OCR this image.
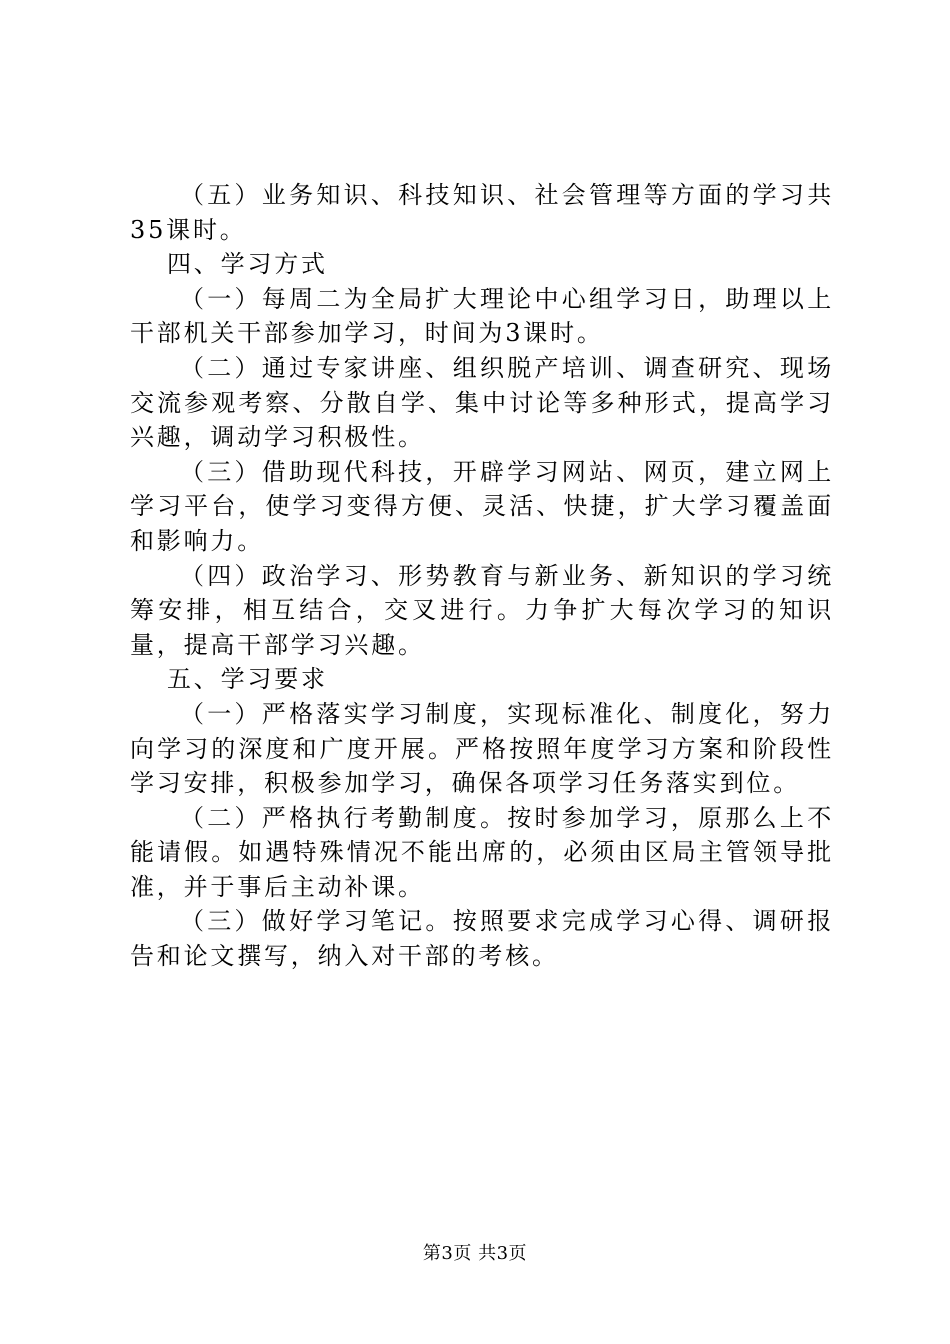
（五）业务知识、科技知识、社会管理等方面的学习共35课时。

四、学习方式

（一）每周二为全局扩大理论中心组学习日，助理以上干部机关干部参加学习，时间为3课时。

（二）通过专家讲座、组织脱产培训、调查研究、现场交流参观考察、分散自学、集中讨论等多种形式，提高学习兴趣，调动学习积极性。

（三）借助现代科技，开辟学习网站、网页，建立网上学习平台，使学习变得方便、灵活、快捷，扩大学习覆盖面和影响力。

（四）政治学习、形势教育与新业务、新知识的学习统筹安排，相互结合，交叉进行。力争扩大每次学习的知识量，提高干部学习兴趣。

五、学习要求

（一）严格落实学习制度，实现标准化、制度化，努力向学习的深度和广度开展。严格按照年度学习方案和阶段性学习安排，积极参加学习，确保各项学习任务落实到位。

（二）严格执行考勤制度。按时参加学习，原那么上不能请假。如遇特殊情况不能出席的，必须由区局主管领导批准，并于事后主动补课。

（三）做好学习笔记。按照要求完成学习心得、调研报告和论文撰写，纳入对干部的考核。

第3页 共3页
